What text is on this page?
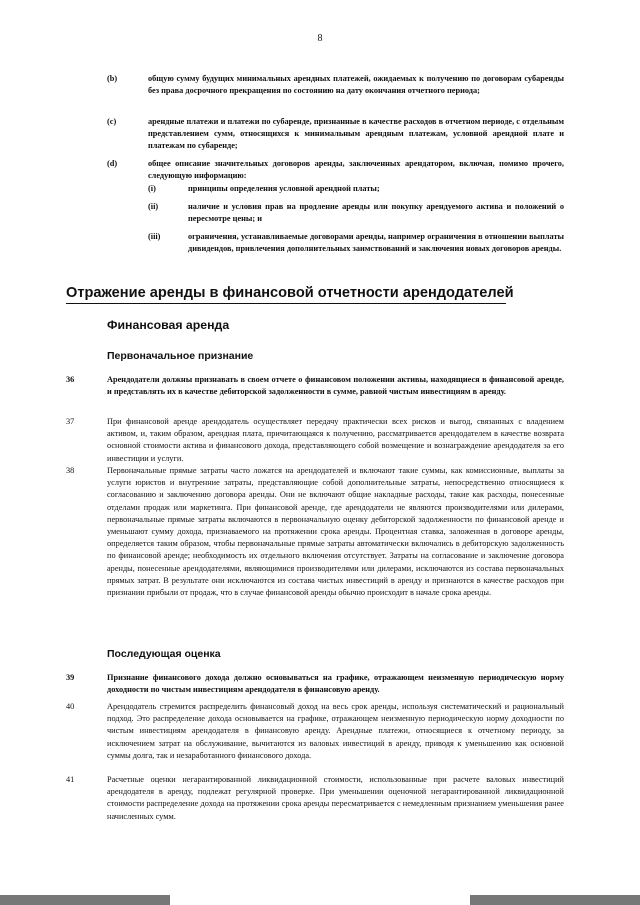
8
(b)	общую сумму будущих минимальных арендных платежей, ожидаемых к получению по договорам субаренды без права досрочного прекращения по состоянию на дату окончания отчетного периода;
(c)	арендные платежи и платежи по субаренде, признанные в качестве расходов в отчетном периоде, с отдельным представлением сумм, относящихся к минимальным арендным платежам, условной арендной плате и платежам по субаренде;
(d)	общее описание значительных договоров аренды, заключенных арендатором, включая, помимо прочего, следующую информацию:
(i)	принципы определения условной арендной платы;
(ii)	наличие и условия прав на продление аренды или покупку арендуемого актива и положений о пересмотре цены; и
(iii)	ограничения, устанавливаемые договорами аренды, например ограничения в отношении выплаты дивидендов, привлечения дополнительных заимствований и заключения новых договоров аренды.
Отражение аренды в финансовой отчетности арендодателей
Финансовая аренда
Первоначальное признание
36	Арендодатели должны признавать в своем отчете о финансовом положении активы, находящиеся в финансовой аренде, и представлять их в качестве дебиторской задолженности в сумме, равной чистым инвестициям в аренду.
37	При финансовой аренде арендодатель осуществляет передачу практически всех рисков и выгод, связанных с владением активом, и, таким образом, арендная плата, причитающаяся к получению, рассматривается арендодателем в качестве возврата основной стоимости актива и финансового дохода, представляющего собой возмещение и вознаграждение арендодателя за его инвестиции и услуги.
38	Первоначальные прямые затраты часто ложатся на арендодателей и включают такие суммы, как комиссионные, выплаты за услуги юристов и внутренние затраты, представляющие собой дополнительные затраты, непосредственно относящиеся к согласованию и заключению договора аренды. Они не включают общие накладные расходы, такие как расходы, понесенные отделами продаж или маркетинга. При финансовой аренде, где арендодатели не являются производителями или дилерами, первоначальные прямые затраты включаются в первоначальную оценку дебиторской задолженности по финансовой аренде и уменьшают сумму дохода, признаваемого на протяжении срока аренды. Процентная ставка, заложенная в договоре аренды, определяется таким образом, чтобы первоначальные прямые затраты автоматически включались в дебиторскую задолженность по финансовой аренде; необходимость их отдельного включения отсутствует. Затраты на согласование и заключение договора аренды, понесенные арендодателями, являющимися производителями или дилерами, исключаются из состава первоначальных прямых затрат. В результате они исключаются из состава чистых инвестиций в аренду и признаются в качестве расходов при признании прибыли от продаж, что в случае финансовой аренды обычно происходит в начале срока аренды.
Последующая оценка
39	Признание финансового дохода должно основываться на графике, отражающем неизменную периодическую норму доходности по чистым инвестициям арендодателя в финансовую аренду.
40	Арендодатель стремится распределить финансовый доход на весь срок аренды, используя систематический и рациональный подход. Это распределение дохода основывается на графике, отражающем неизменную периодическую норму доходности по чистым инвестициям арендодателя в финансовую аренду. Арендные платежи, относящиеся к отчетному периоду, за исключением затрат на обслуживание, вычитаются из валовых инвестиций в аренду, приводя к уменьшению как основной суммы долга, так и незаработанного финансового дохода.
41	Расчетные оценки негарантированной ликвидационной стоимости, использованные при расчете валовых инвестиций арендодателя в аренду, подлежат регулярной проверке. При уменьшении оценочной негарантированной ликвидационной стоимости распределение дохода на протяжении срока аренды пересматривается с немедленным признанием уменьшения ранее начисленных сумм.
